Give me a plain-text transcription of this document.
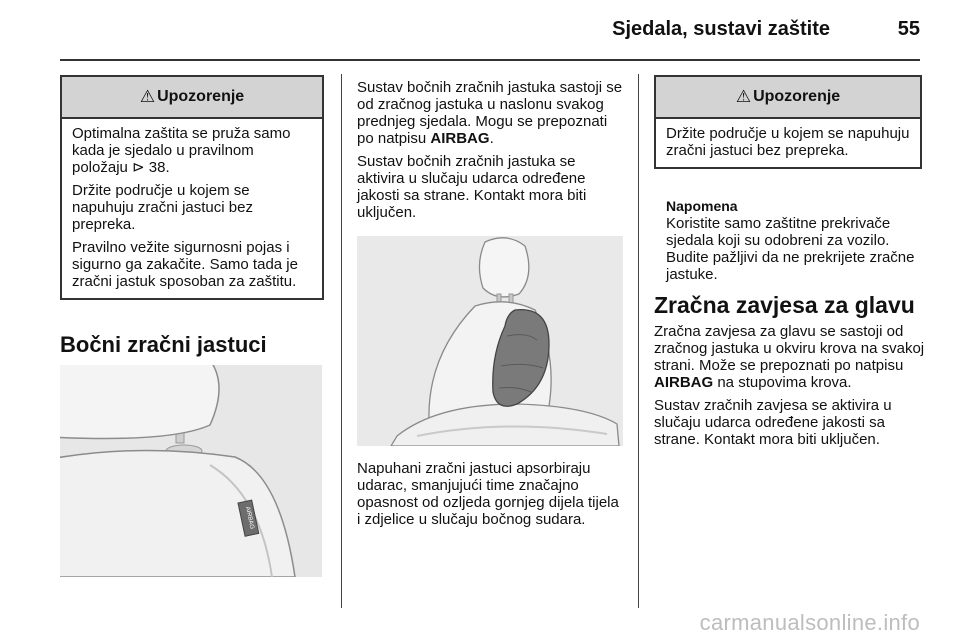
Sjedala, sustavi zaštite	55
⚠ Upozorenje

Optimalna zaštita se pruža samo kada je sjedalo u pravilnom položaju ⊳ 38.

Držite područje u kojem se napuhuju zračni jastuci bez prepreka.

Pravilno vežite sigurnosni pojas i sigurno ga zakačite. Samo tada je zračni jastuk sposoban za zaštitu.

Bočni zračni jastuci
AIRBAG

Sustav bočnih zračnih jastuka sastoji se od zračnog jastuka u naslonu svakog prednjeg sjedala. Mogu se prepoznati po natpisu AIRBAG.

Sustav bočnih zračnih jastuka se aktivira u slučaju udarca određene jakosti sa strane. Kontakt mora biti uključen.

Napuhani zračni jastuci apsorbiraju udarac, smanjujući time značajno opasnost od ozljeda gornjeg dijela tijela i zdjelice u slučaju bočnog sudara.

⚠ Upozorenje

Držite područje u kojem se napuhuju zračni jastuci bez prepreka.

Napomena
Koristite samo zaštitne prekrivače sjedala koji su odobreni za vozilo. Budite pažljivi da ne prekrijete zračne jastuke.
Zračna zavjesa za glavu

Zračna zavjesa za glavu se sastoji od zračnog jastuka u okviru krova na svakoj strani. Može se prepoznati po natpisu AIRBAG na stupovima krova.

Sustav zračnih zavjesa se aktivira u slučaju udarca određene jakosti sa strane. Kontakt mora biti uključen.

carmanualsonline.info
